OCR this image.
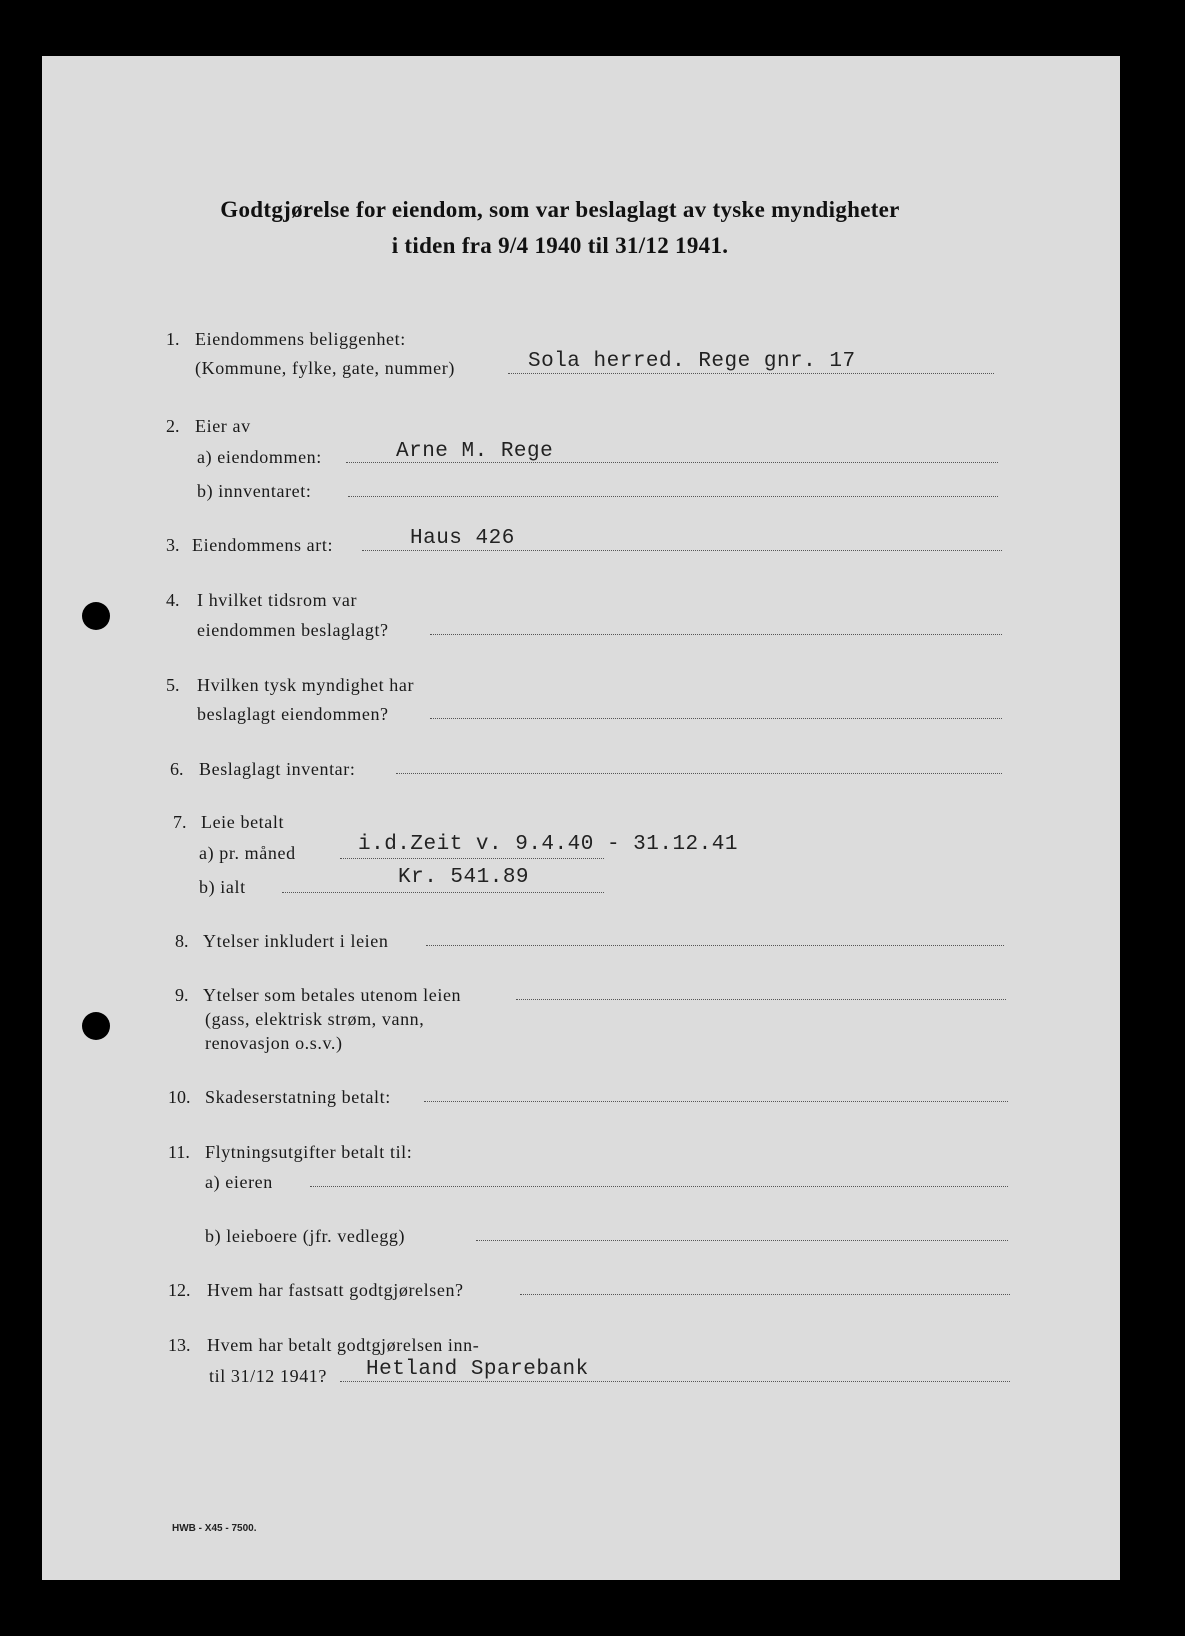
Godtgjørelse for eiendom, som var beslaglagt av tyske myndigheter
i tiden fra 9/4 1940 til 31/12 1941.
1. Eiendommens beliggenhet:
(Kommune, fylke, gate, nummer)	Sola herred. Rege gnr. 17
2. Eier av
a) eiendommen:	Arne M. Rege
b) innventaret:
3. Eiendommens art:	Haus 426
4. I hvilket tidsrom var
eiendommen beslaglagt?
5. Hvilken tysk myndighet har
beslaglagt eiendommen?
6. Beslaglagt inventar:
7. Leie betalt
a) pr. måned	i.d.Zeit v. 9.4.40 - 31.12.41
b) ialt	Kr. 541.89
8. Ytelser inkludert i leien
9. Ytelser som betales utenom leien
(gass, elektrisk strøm, vann,
renovasjon o.s.v.)
10. Skadeserstatning betalt:
11. Flytningsutgifter betalt til:
a) eieren
b) leieboere (jfr. vedlegg)
12. Hvem har fastsatt godtgjørelsen?
13. Hvem har betalt godtgjørelsen inn-
til 31/12 1941? Hetland Sparebank
HWB - X45 - 7500.
